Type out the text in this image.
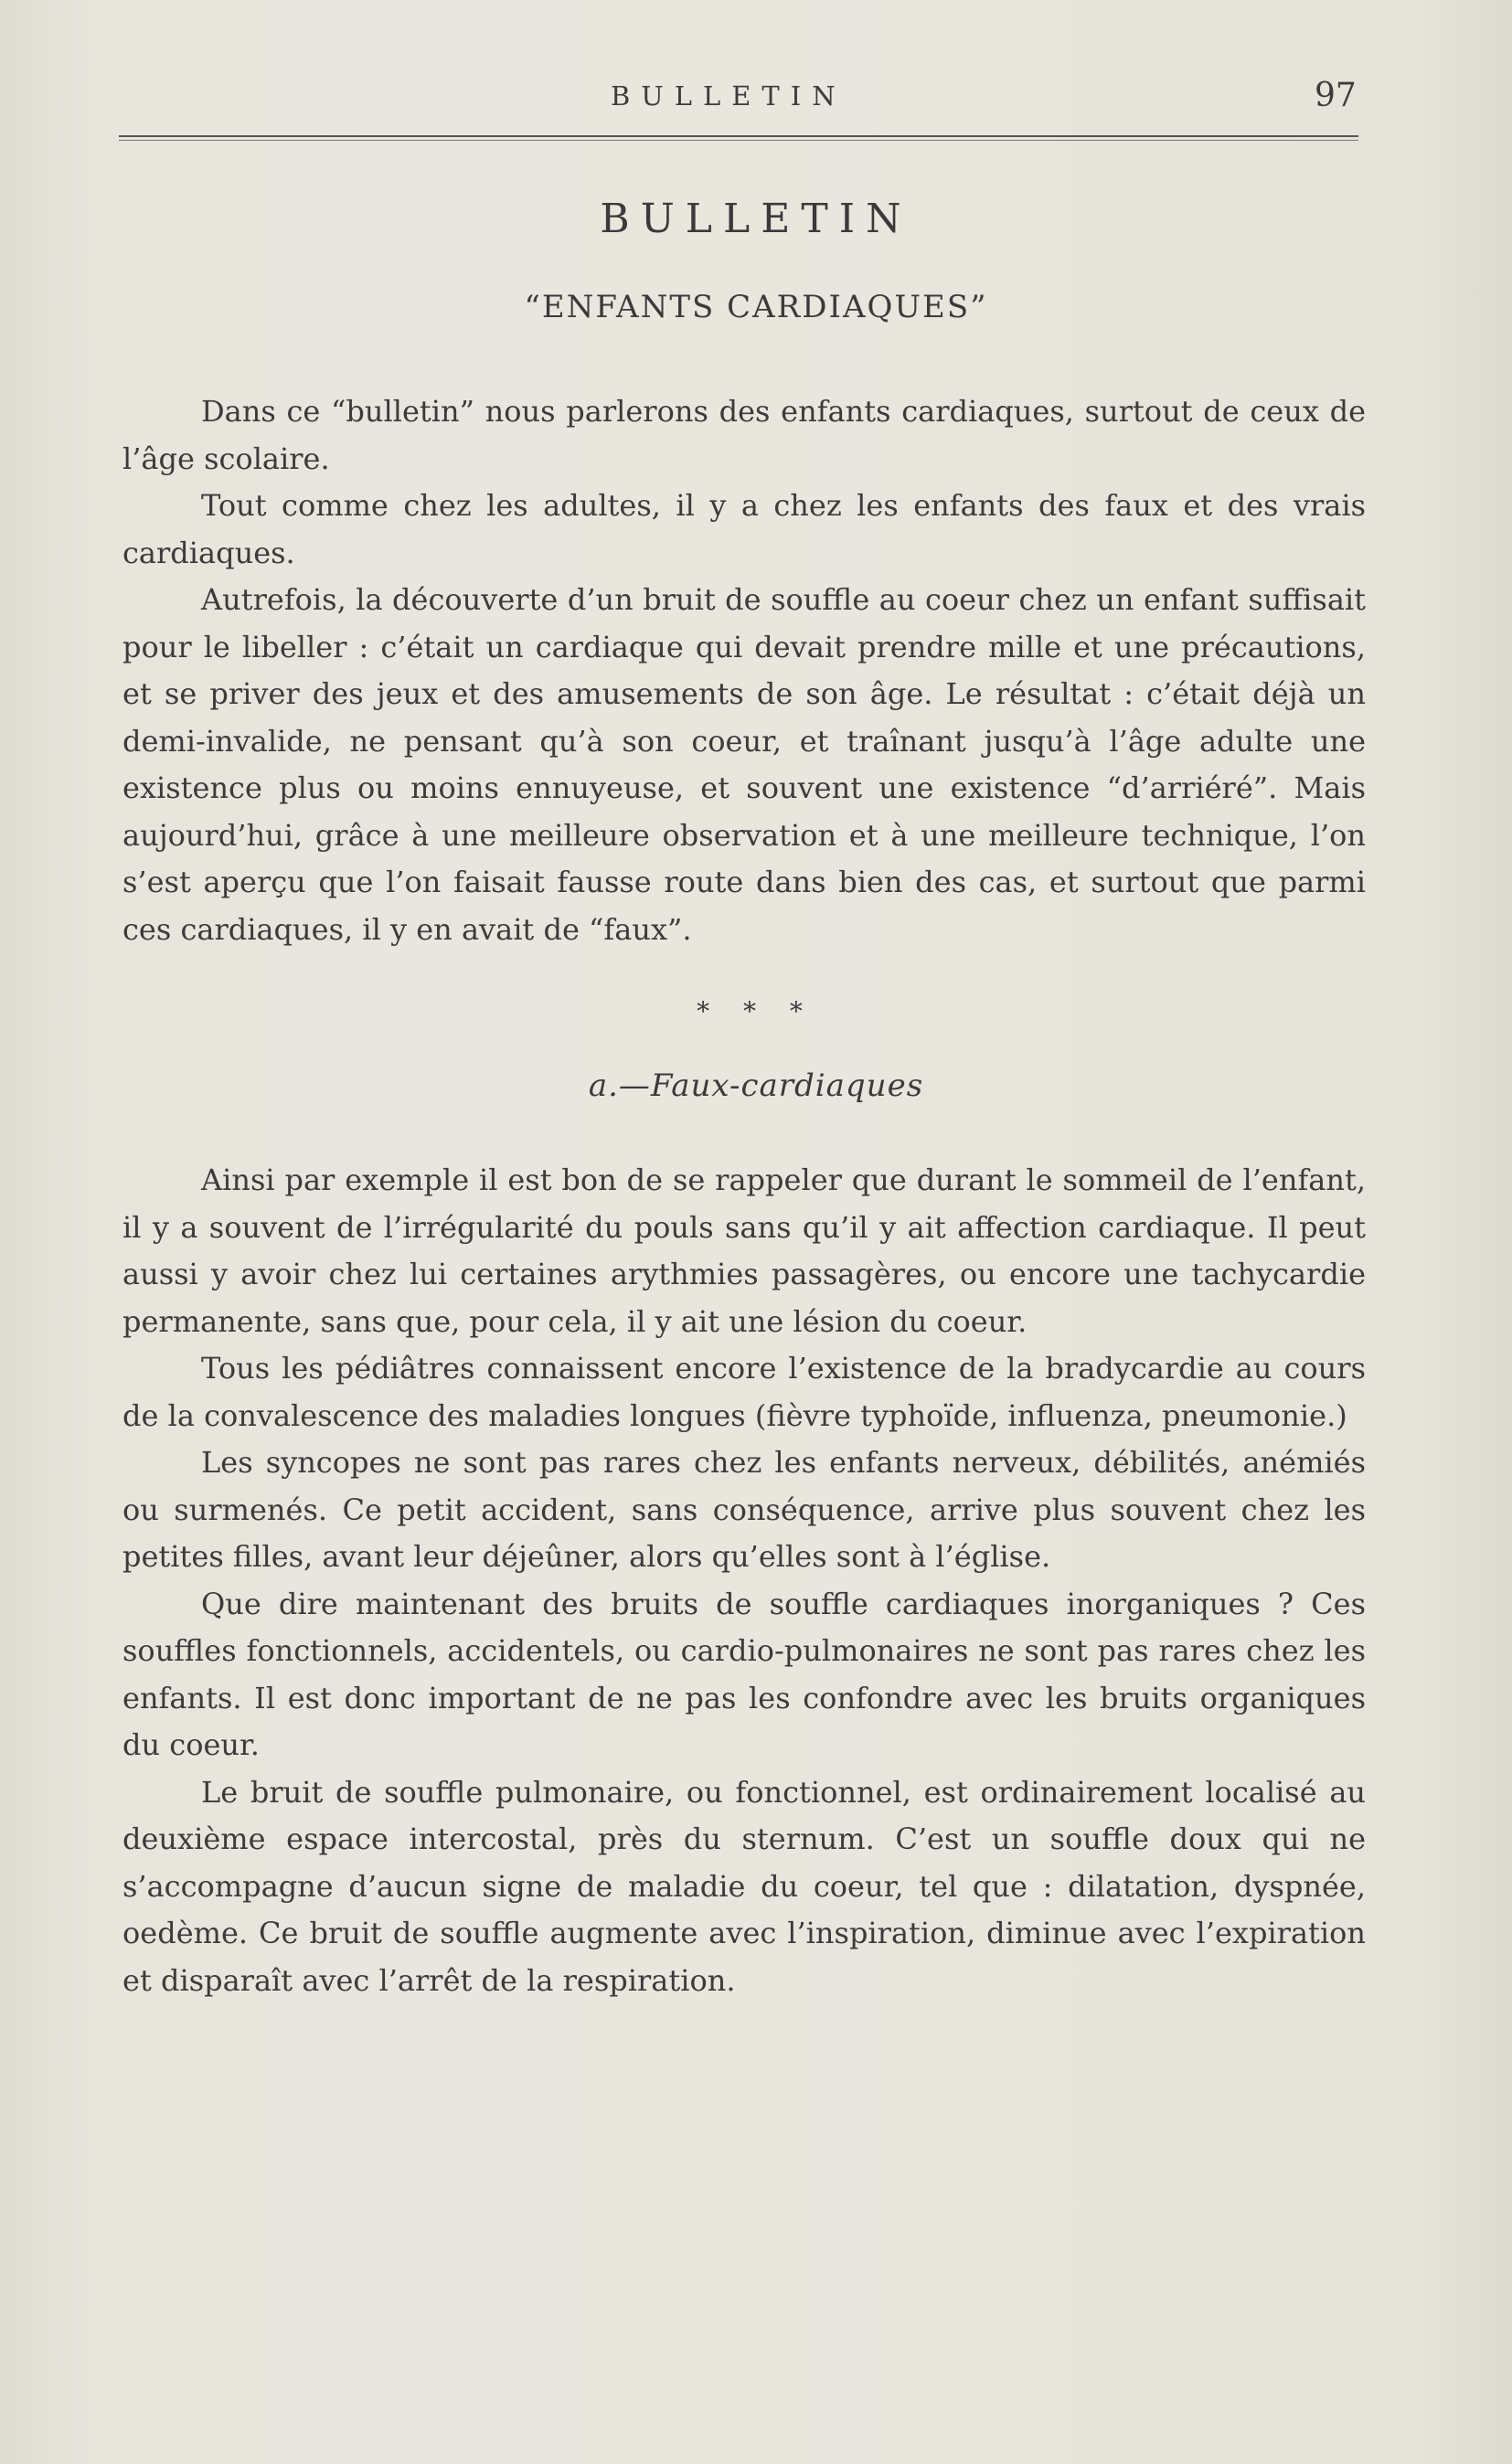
BULLETIN	97
BULLETIN
“ENFANTS CARDIAQUES”

Dans ce “bulletin” nous parlerons des enfants cardiaques, surtout de ceux de l’âge scolaire.

Tout comme chez les adultes, il y a chez les enfants des faux et des vrais cardiaques.

Autrefois, la découverte d’un bruit de souffle au coeur chez un enfant suffisait pour le libeller : c’était un cardiaque qui devait prendre mille et une précautions, et se priver des jeux et des amusements de son âge. Le résultat : c’était déjà un demi-invalide, ne pensant qu’à son coeur, et traînant jusqu’à l’âge adulte une existence plus ou moins ennuyeuse, et souvent une existence “d’arriéré”. Mais aujourd’hui, grâce à une meilleure observation et à une meilleure technique, l’on s’est aperçu que l’on faisait fausse route dans bien des cas, et surtout que parmi ces cardiaques, il y en avait de “faux”.

* * *
a.—Faux-cardiaques

Ainsi par exemple il est bon de se rappeler que durant le sommeil de l’enfant, il y a souvent de l’irrégularité du pouls sans qu’il y ait affection cardiaque. Il peut aussi y avoir chez lui certaines arythmies passagères, ou encore une tachycardie permanente, sans que, pour cela, il y ait une lésion du coeur.

Tous les pédiâtres connaissent encore l’existence de la bradycardie au cours de la convalescence des maladies longues (fièvre typhoïde, influenza, pneumonie.)

Les syncopes ne sont pas rares chez les enfants nerveux, débilités, anémiés ou surmenés. Ce petit accident, sans conséquence, arrive plus souvent chez les petites filles, avant leur déjeûner, alors qu’elles sont à l’église.

Que dire maintenant des bruits de souffle cardiaques inorganiques ? Ces souffles fonctionnels, accidentels, ou cardio-pulmonaires ne sont pas rares chez les enfants. Il est donc important de ne pas les confondre avec les bruits organiques du coeur.

Le bruit de souffle pulmonaire, ou fonctionnel, est ordinairement localisé au deuxième espace intercostal, près du sternum. C’est un souffle doux qui ne s’accompagne d’aucun signe de maladie du coeur, tel que : dilatation, dyspnée, oedème. Ce bruit de souffle augmente avec l’inspiration, diminue avec l’expiration et disparaît avec l’arrêt de la respiration.
